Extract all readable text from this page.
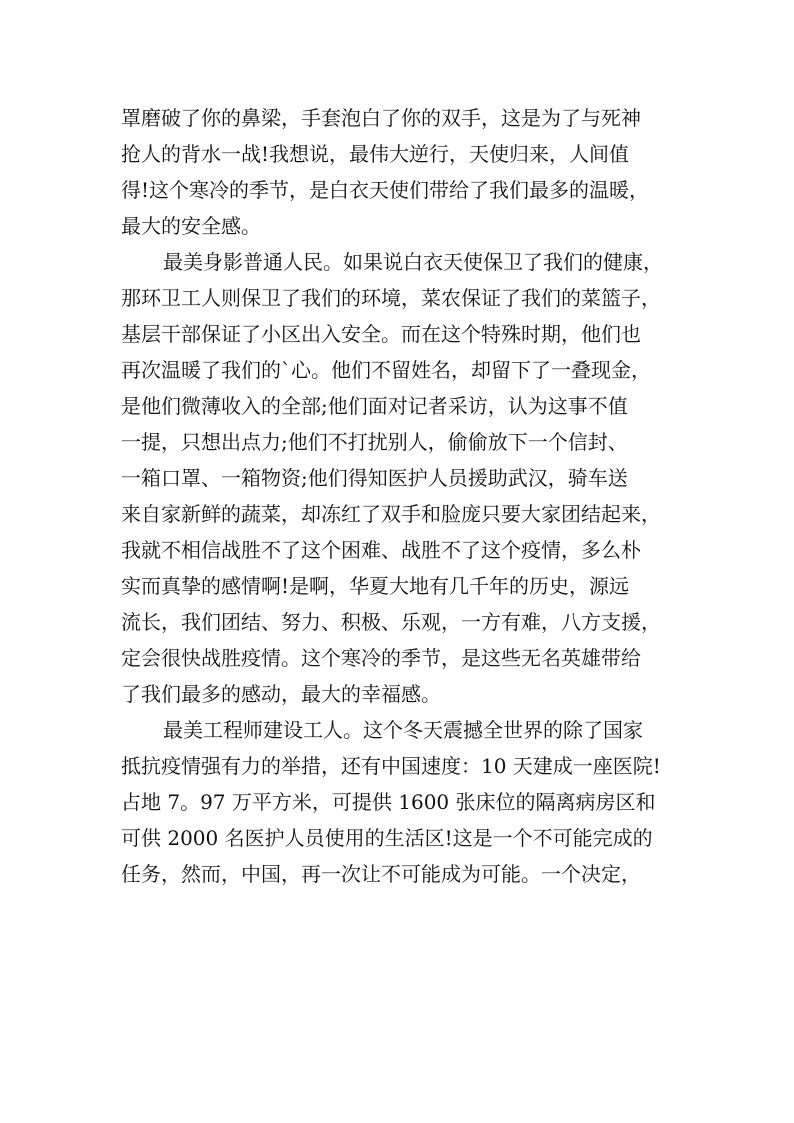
罩磨破了你的鼻梁，手套泡白了你的双手，这是为了与死神
抢人的背水一战!我想说，最伟大逆行，天使归来，人间值
得!这个寒冷的季节，是白衣天使们带给了我们最多的温暖，
最大的安全感。
最美身影普通人民。如果说白衣天使保卫了我们的健康，
那环卫工人则保卫了我们的环境，菜农保证了我们的菜篮子，
基层干部保证了小区出入安全。而在这个特殊时期，他们也
再次温暖了我们的`心。他们不留姓名，却留下了一叠现金，
是他们微薄收入的全部;他们面对记者采访，认为这事不值
一提，只想出点力;他们不打扰别人，偷偷放下一个信封、
一箱口罩、一箱物资;他们得知医护人员援助武汉，骑车送
来自家新鲜的蔬菜，却冻红了双手和脸庞只要大家团结起来，
我就不相信战胜不了这个困难、战胜不了这个疫情，多么朴
实而真挚的感情啊!是啊，华夏大地有几千年的历史，源远
流长，我们团结、努力、积极、乐观，一方有难，八方支援，
定会很快战胜疫情。这个寒冷的季节，是这些无名英雄带给
了我们最多的感动，最大的幸福感。
最美工程师建设工人。这个冬天震撼全世界的除了国家
抵抗疫情强有力的举措，还有中国速度：10 天建成一座医院!
占地 7。97 万平方米，可提供 1600 张床位的隔离病房区和
可供 2000 名医护人员使用的生活区!这是一个不可能完成的
任务，然而，中国，再一次让不可能成为可能。一个决定，
